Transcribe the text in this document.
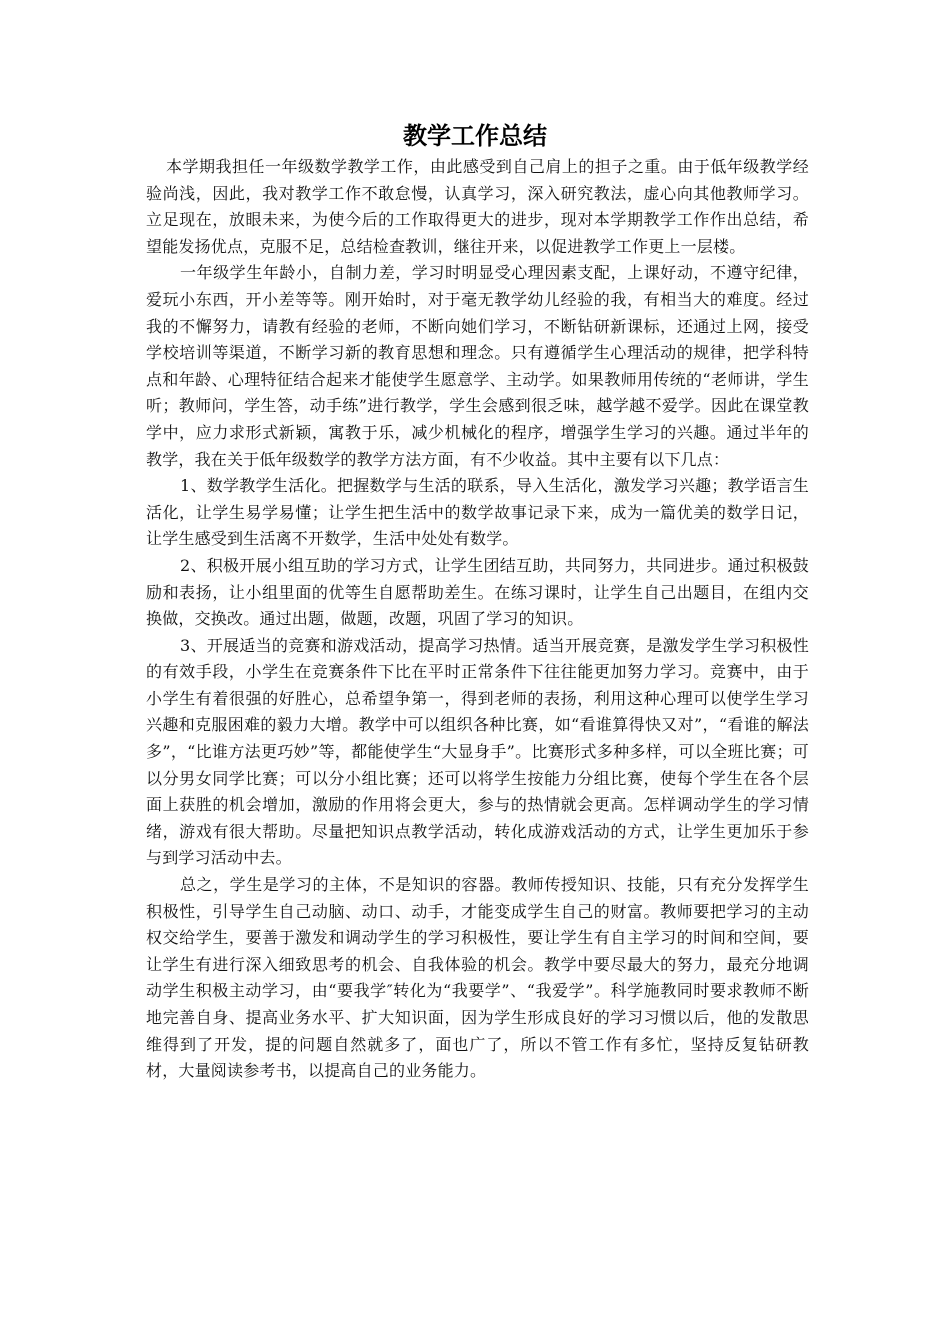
教学工作总结

本学期我担任一年级数学教学工作，由此感受到自己肩上的担子之重。由于低年级教学经验尚浅，因此，我对教学工作不敢怠慢，认真学习，深入研究教法，虚心向其他教师学习。立足现在，放眼未来，为使今后的工作取得更大的进步，现对本学期教学工作作出总结，希望能发扬优点，克服不足，总结检查教训，继往开来，以促进教学工作更上一层楼。

一年级学生年龄小，自制力差，学习时明显受心理因素支配，上课好动，不遵守纪律，爱玩小东西，开小差等等。刚开始时，对于毫无教学幼儿经验的我，有相当大的难度。经过我的不懈努力，请教有经验的老师，不断向她们学习，不断钻研新课标，还通过上网，接受学校培训等渠道，不断学习新的教育思想和理念。只有遵循学生心理活动的规律，把学科特点和年龄、心理特征结合起来才能使学生愿意学、主动学。如果教师用传统的“老师讲，学生听；教师问，学生答，动手练”进行教学，学生会感到很乏味，越学越不爱学。因此在课堂教学中，应力求形式新颖，寓教于乐，减少机械化的程序，增强学生学习的兴趣。通过半年的教学，我在关于低年级数学的教学方法方面，有不少收益。其中主要有以下几点：

1、数学教学生活化。把握数学与生活的联系，导入生活化，激发学习兴趣；教学语言生活化，让学生易学易懂；让学生把生活中的数学故事记录下来，成为一篇优美的数学日记，让学生感受到生活离不开数学，生活中处处有数学。

2、积极开展小组互助的学习方式，让学生团结互助，共同努力，共同进步。通过积极鼓励和表扬，让小组里面的优等生自愿帮助差生。在练习课时，让学生自己出题目，在组内交换做，交换改。通过出题，做题，改题，巩固了学习的知识。

3、开展适当的竞赛和游戏活动，提高学习热情。适当开展竞赛，是激发学生学习积极性的有效手段，小学生在竞赛条件下比在平时正常条件下往往能更加努力学习。竞赛中，由于小学生有着很强的好胜心，总希望争第一，得到老师的表扬，利用这种心理可以使学生学习兴趣和克服困难的毅力大增。教学中可以组织各种比赛，如“看谁算得快又对”，“看谁的解法多”，“比谁方法更巧妙”等，都能使学生“大显身手”。比赛形式多种多样，可以全班比赛；可以分男女同学比赛；可以分小组比赛；还可以将学生按能力分组比赛，使每个学生在各个层面上获胜的机会增加，激励的作用将会更大，参与的热情就会更高。怎样调动学生的学习情绪，游戏有很大帮助。尽量把知识点教学活动，转化成游戏活动的方式，让学生更加乐于参与到学习活动中去。

总之，学生是学习的主体，不是知识的容器。教师传授知识、技能，只有充分发挥学生积极性，引导学生自己动脑、动口、动手，才能变成学生自己的财富。教师要把学习的主动权交给学生，要善于激发和调动学生的学习积极性，要让学生有自主学习的时间和空间，要让学生有进行深入细致思考的机会、自我体验的机会。教学中要尽最大的努力，最充分地调动学生积极主动学习，由“要我学″转化为“我要学”、“我爱学”。科学施教同时要求教师不断地完善自身、提高业务水平、扩大知识面，因为学生形成良好的学习习惯以后，他的发散思维得到了开发，提的问题自然就多了，面也广了，所以不管工作有多忙，坚持反复钻研教材，大量阅读参考书，以提高自己的业务能力。
